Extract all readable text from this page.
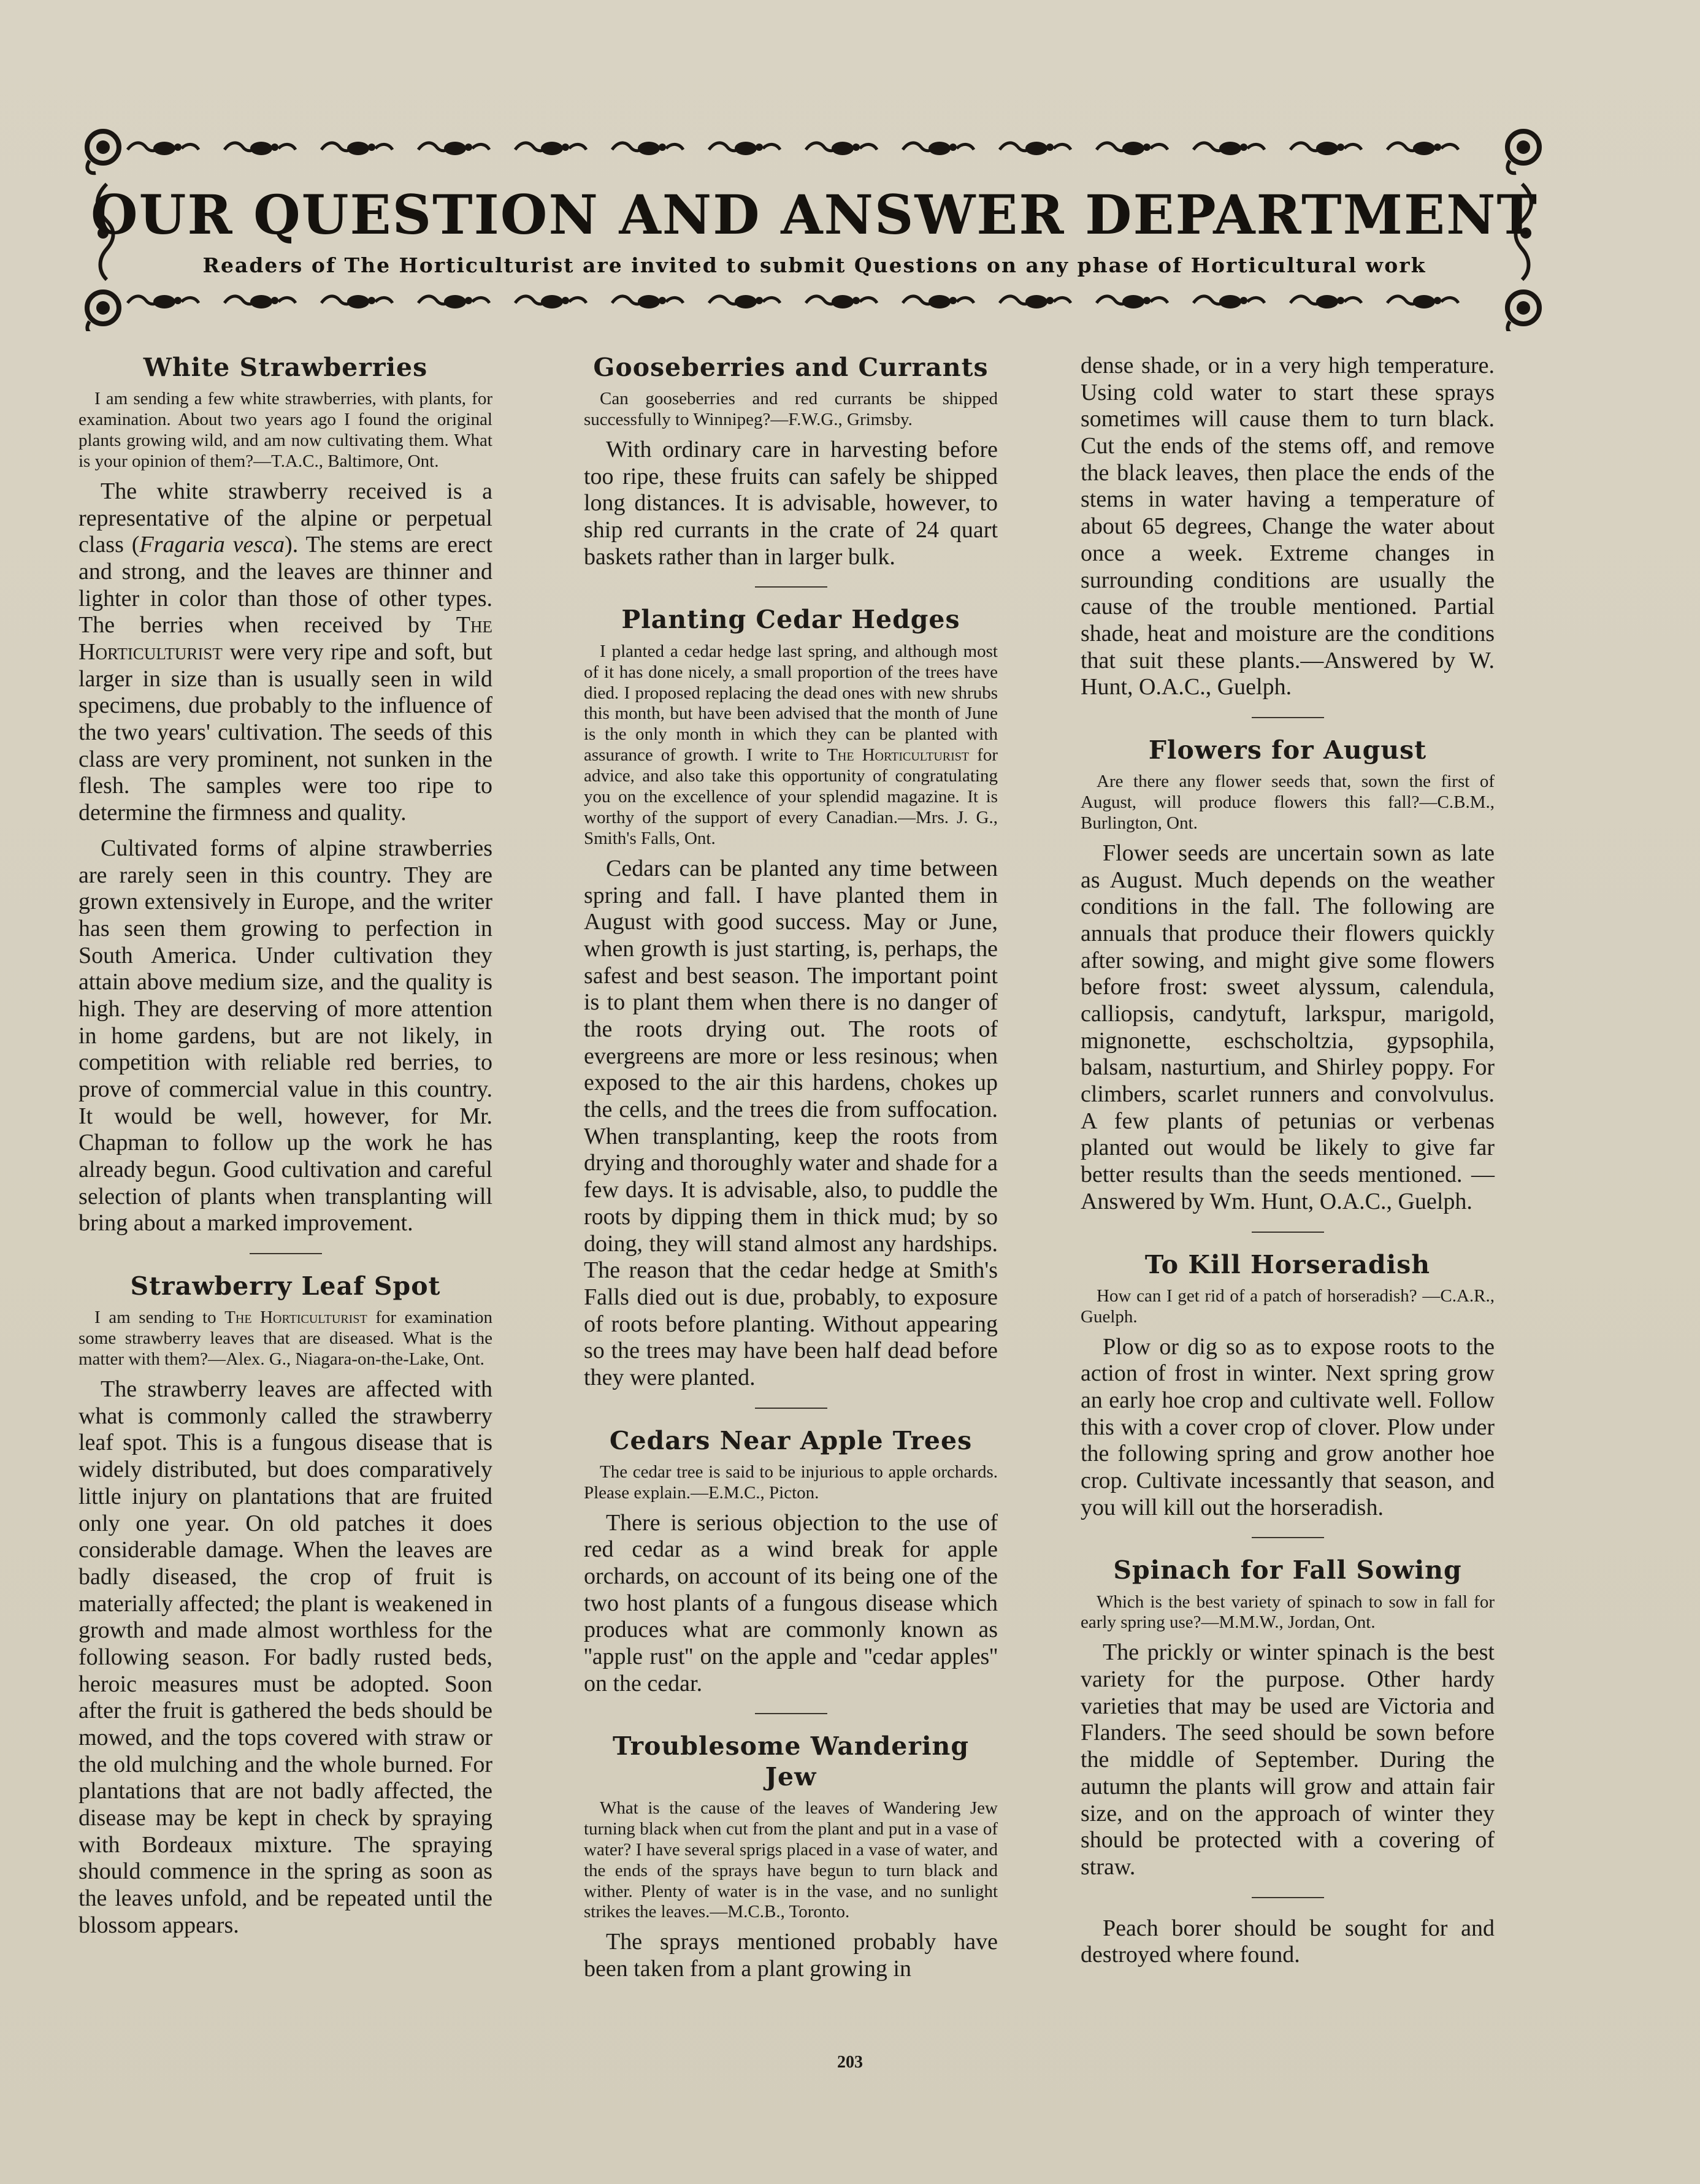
OUR QUESTION AND ANSWER DEPARTMENT
Readers of The Horticulturist are invited to submit Questions on any phase of Horticultural work
White Strawberries

I am sending a few white strawberries, with plants, for examination. About two years ago I found the original plants growing wild, and am now cultivating them. What is your opinion of them?—T.A.C., Baltimore, Ont.

The white strawberry received is a representative of the alpine or perpetual class (Fragaria vesca). The stems are erect and strong, and the leaves are thinner and lighter in color than those of other types. The berries when received by The Horticulturist were very ripe and soft, but larger in size than is usually seen in wild specimens, due probably to the influence of the two years' cultivation. The seeds of this class are very prominent, not sunken in the flesh. The samples were too ripe to determine the firmness and quality.

Cultivated forms of alpine strawberries are rarely seen in this country. They are grown extensively in Europe, and the writer has seen them growing to perfection in South America. Under cultivation they attain above medium size, and the quality is high. They are deserving of more attention in home gardens, but are not likely, in competition with reliable red berries, to prove of commercial value in this country. It would be well, however, for Mr. Chapman to follow up the work he has already begun. Good cultivation and careful selection of plants when transplanting will bring about a marked improvement.

Strawberry Leaf Spot

I am sending to The Horticulturist for examination some strawberry leaves that are diseased. What is the matter with them?—Alex. G., Niagara-on-the-Lake, Ont.

The strawberry leaves are affected with what is commonly called the strawberry leaf spot. This is a fungous disease that is widely distributed, but does comparatively little injury on plantations that are fruited only one year. On old patches it does considerable damage. When the leaves are badly diseased, the crop of fruit is materially affected; the plant is weakened in growth and made almost worthless for the following season. For badly rusted beds, heroic measures must be adopted. Soon after the fruit is gathered the beds should be mowed, and the tops covered with straw or the old mulching and the whole burned. For plantations that are not badly affected, the disease may be kept in check by spraying with Bordeaux mixture. The spraying should commence in the spring as soon as the leaves unfold, and be repeated until the blossom appears.

Gooseberries and Currants

Can gooseberries and red currants be shipped successfully to Winnipeg?—F.W.G., Grimsby.

With ordinary care in harvesting before too ripe, these fruits can safely be shipped long distances. It is advisable, however, to ship red currants in the crate of 24 quart baskets rather than in larger bulk.

Planting Cedar Hedges

I planted a cedar hedge last spring, and although most of it has done nicely, a small proportion of the trees have died. I proposed replacing the dead ones with new shrubs this month, but have been advised that the month of June is the only month in which they can be planted with assurance of growth. I write to The Horticulturist for advice, and also take this opportunity of congratulating you on the excellence of your splendid magazine. It is worthy of the support of every Canadian.—Mrs. J. G., Smith's Falls, Ont.

Cedars can be planted any time between spring and fall. I have planted them in August with good success. May or June, when growth is just starting, is, perhaps, the safest and best season. The important point is to plant them when there is no danger of the roots drying out. The roots of evergreens are more or less resinous; when exposed to the air this hardens, chokes up the cells, and the trees die from suffocation. When transplanting, keep the roots from drying and thoroughly water and shade for a few days. It is advisable, also, to puddle the roots by dipping them in thick mud; by so doing, they will stand almost any hardships. The reason that the cedar hedge at Smith's Falls died out is due, probably, to exposure of roots before planting. Without appearing so the trees may have been half dead before they were planted.

Cedars Near Apple Trees

The cedar tree is said to be injurious to apple orchards. Please explain.—E.M.C., Picton.

There is serious objection to the use of red cedar as a wind break for apple orchards, on account of its being one of the two host plants of a fungous disease which produces what are commonly known as ''apple rust'' on the apple and ''cedar apples'' on the cedar.

Troublesome Wandering Jew

What is the cause of the leaves of Wandering Jew turning black when cut from the plant and put in a vase of water? I have several sprigs placed in a vase of water, and the ends of the sprays have begun to turn black and wither. Plenty of water is in the vase, and no sunlight strikes the leaves.—M.C.B., Toronto.

The sprays mentioned probably have been taken from a plant growing in

dense shade, or in a very high temperature. Using cold water to start these sprays sometimes will cause them to turn black. Cut the ends of the stems off, and remove the black leaves, then place the ends of the stems in water having a temperature of about 65 degrees, Change the water about once a week. Extreme changes in surrounding conditions are usually the cause of the trouble mentioned. Partial shade, heat and moisture are the conditions that suit these plants.—Answered by W. Hunt, O.A.C., Guelph.

Flowers for August

Are there any flower seeds that, sown the first of August, will produce flowers this fall?—C.B.M., Burlington, Ont.

Flower seeds are uncertain sown as late as August. Much depends on the weather conditions in the fall. The following are annuals that produce their flowers quickly after sowing, and might give some flowers before frost: sweet alyssum, calendula, calliopsis, candytuft, larkspur, marigold, mignonette, eschscholtzia, gypsophila, balsam, nasturtium, and Shirley poppy. For climbers, scarlet runners and convolvulus. A few plants of petunias or verbenas planted out would be likely to give far better results than the seeds mentioned. —Answered by Wm. Hunt, O.A.C., Guelph.

To Kill Horseradish

How can I get rid of a patch of horseradish? —C.A.R., Guelph.

Plow or dig so as to expose roots to the action of frost in winter. Next spring grow an early hoe crop and cultivate well. Follow this with a cover crop of clover. Plow under the following spring and grow another hoe crop. Cultivate incessantly that season, and you will kill out the horseradish.

Spinach for Fall Sowing

Which is the best variety of spinach to sow in fall for early spring use?—M.M.W., Jordan, Ont.

The prickly or winter spinach is the best variety for the purpose. Other hardy varieties that may be used are Victoria and Flanders. The seed should be sown before the middle of September. During the autumn the plants will grow and attain fair size, and on the approach of winter they should be protected with a covering of straw.

Peach borer should be sought for and destroyed where found.

203
